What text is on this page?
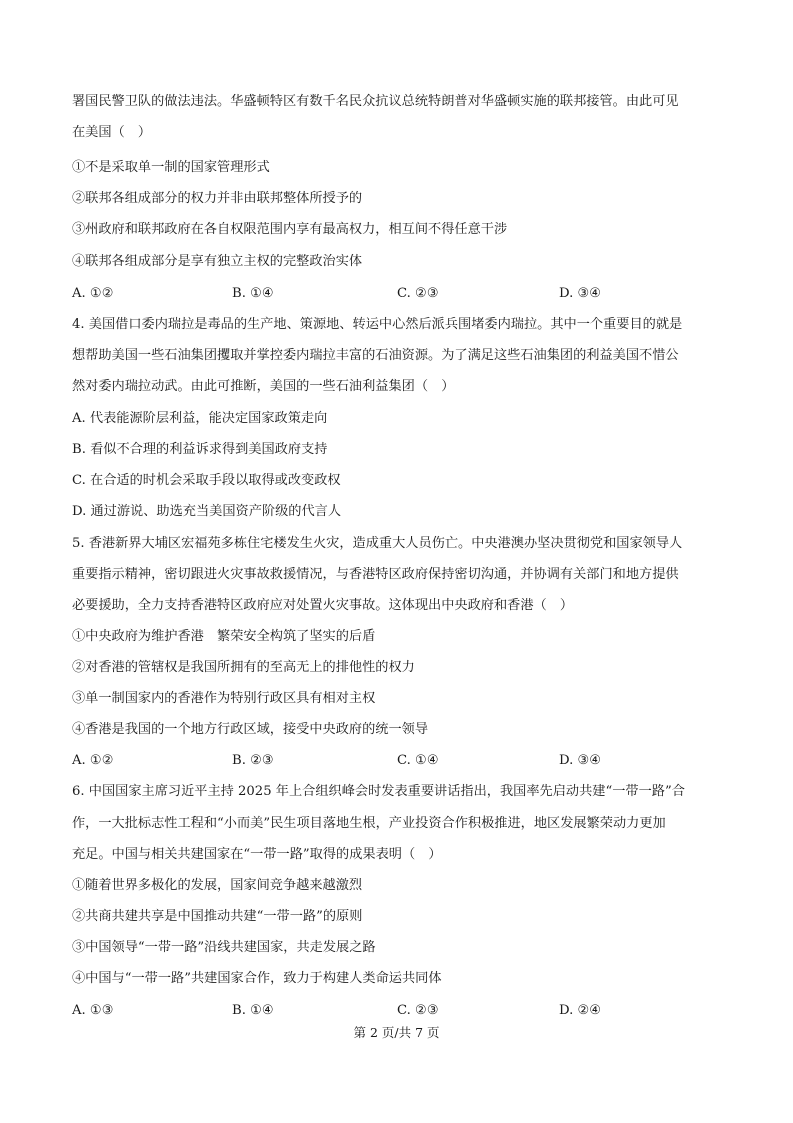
署国民警卫队的做法违法。华盛顿特区有数千名民众抗议总统特朗普对华盛顿实施的联邦接管。由此可见
在美国（　）
①不是采取单一制的国家管理形式
②联邦各组成部分的权力并非由联邦整体所授予的
③州政府和联邦政府在各自权限范围内享有最高权力，相互间不得任意干涉
④联邦各组成部分是享有独立主权的完整政治实体
A. ①②	B. ①④	C. ②③	D. ③④
4. 美国借口委内瑞拉是毒品的生产地、策源地、转运中心然后派兵围堵委内瑞拉。其中一个重要目的就是
想帮助美国一些石油集团攫取并掌控委内瑞拉丰富的石油资源。为了满足这些石油集团的利益美国不惜公
然对委内瑞拉动武。由此可推断，美国的一些石油利益集团（　）
A. 代表能源阶层利益，能决定国家政策走向
B. 看似不合理的利益诉求得到美国政府支持
C. 在合适的时机会采取手段以取得或改变政权
D. 通过游说、助选充当美国资产阶级的代言人
5. 香港新界大埔区宏福苑多栋住宅楼发生火灾，造成重大人员伤亡。中央港澳办坚决贯彻党和国家领导人
重要指示精神，密切跟进火灾事故救援情况，与香港特区政府保持密切沟通，并协调有关部门和地方提供
必要援助，全力支持香港特区政府应对处置火灾事故。这体现出中央政府和香港（　）
①中央政府为维护香港　繁荣安全构筑了坚实的后盾
②对香港的管辖权是我国所拥有的至高无上的排他性的权力
③单一制国家内的香港作为特别行政区具有相对主权
④香港是我国的一个地方行政区域，接受中央政府的统一领导
A. ①②	B. ②③	C. ①④	D. ③④
6. 中国国家主席习近平主持 2025 年上合组织峰会时发表重要讲话指出，我国率先启动共建“一带一路”合
作，一大批标志性工程和“小而美”民生项目落地生根，产业投资合作积极推进，地区发展繁荣动力更加
充足。中国与相关共建国家在“一带一路”取得的成果表明（　）
①随着世界多极化的发展，国家间竞争越来越激烈
②共商共建共享是中国推动共建“一带一路”的原则
③中国领导“一带一路”沿线共建国家，共走发展之路
④中国与“一带一路”共建国家合作，致力于构建人类命运共同体
A. ①③	B. ①④	C. ②③	D. ②④
第 2 页/共 7 页
